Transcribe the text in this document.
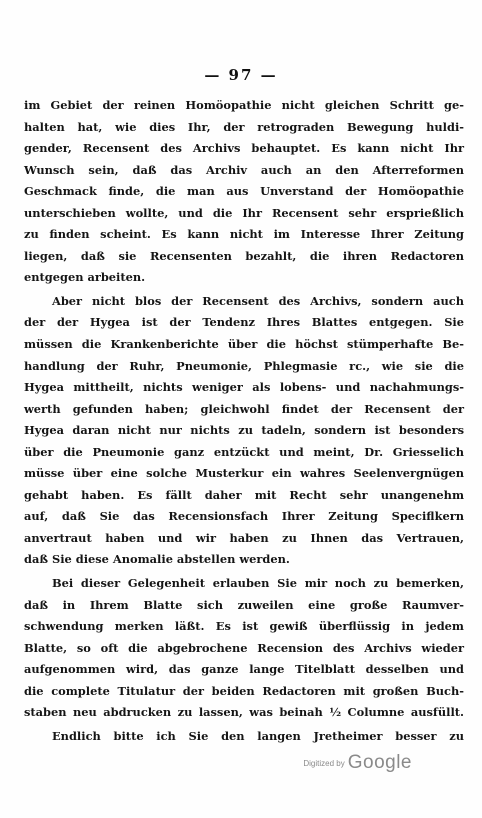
— 97 —
im Gebiet der reinen Homöopathie nicht gleichen Schritt ge-
halten hat, wie dies Ihr, der retrograden Bewegung huldi-
gender, Recensent des Archivs behauptet. Es kann nicht Ihr
Wunsch sein, daß das Archiv auch an den Afterreformen
Geschmack finde, die man aus Unverstand der Homöopathie
unterschieben wollte, und die Ihr Recensent sehr ersprießlich
zu finden scheint. Es kann nicht im Interesse Ihrer Zeitung
liegen, daß sie Recensenten bezahlt, die ihren Redactoren
entgegen arbeiten.
Aber nicht blos der Recensent des Archivs, sondern auch
der der Hygea ist der Tendenz Ihres Blattes entgegen. Sie
müssen die Krankenberichte über die höchst stümperhafte Be-
handlung der Ruhr, Pneumonie, Phlegmasie rc., wie sie die
Hygea mittheilt, nichts weniger als lobens- und nachahmungs-
werth gefunden haben; gleichwohl findet der Recensent der
Hygea daran nicht nur nichts zu tadeln, sondern ist besonders
über die Pneumonie ganz entzückt und meint, Dr. Griesselich
müsse über eine solche Musterkur ein wahres Seelenvergnügen
gehabt haben. Es fällt daher mit Recht sehr unangenehm
auf, daß Sie das Recensionsfach Ihrer Zeitung Speciflkern
anvertraut haben und wir haben zu Ihnen das Vertrauen,
daß Sie diese Anomalie abstellen werden.
Bei dieser Gelegenheit erlauben Sie mir noch zu bemerken,
daß in Ihrem Blatte sich zuweilen eine große Raumver-
schwendung merken läßt. Es ist gewiß überflüssig in jedem
Blatte, so oft die abgebrochene Recension des Archivs wieder
aufgenommen wird, das ganze lange Titelblatt desselben und
die complete Titulatur der beiden Redactoren mit großen Buch-
staben neu abdrucken zu lassen, was beinah ½ Columne ausfüllt.
Endlich bitte ich Sie den langen Jretheimer besser zu
Digitized by Google
